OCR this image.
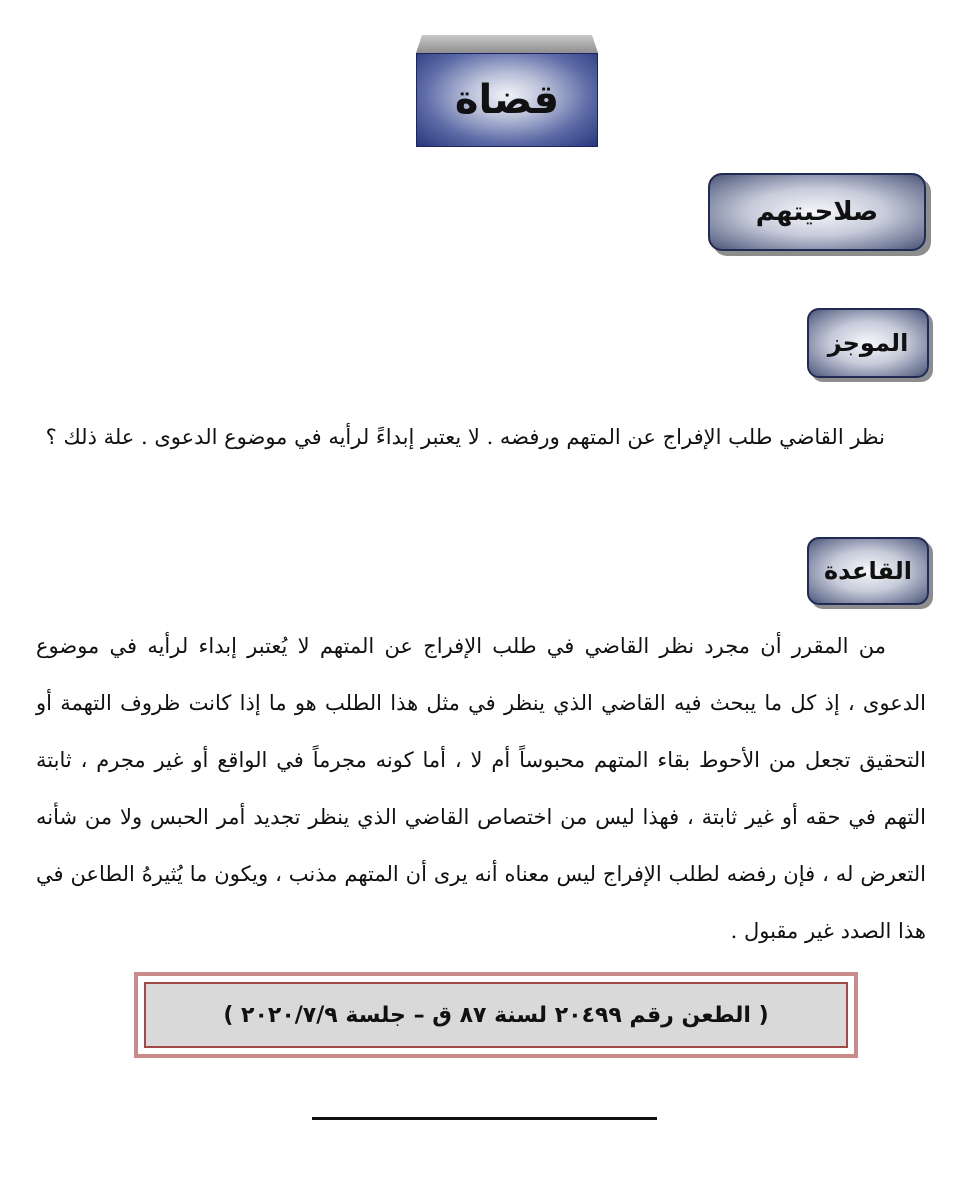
قضاة
صلاحيتهم
الموجز
نظر القاضي طلب الإفراج عن المتهم ورفضه . لا يعتبر إبداءً لرأيه في موضوع الدعوى . علة ذلك ؟
القاعدة
من المقرر أن مجرد نظر القاضي في طلب الإفراج عن المتهم لا يُعتبر إبداء لرأيه في موضوع الدعوى ، إذ كل ما يبحث فيه القاضي الذي ينظر في مثل هذا الطلب هو ما إذا كانت ظروف التهمة أو التحقيق تجعل من الأحوط بقاء المتهم محبوساً أم لا ، أما كونه مجرماً في الواقع أو غير مجرم ، ثابتة التهم في حقه أو غير ثابتة ، فهذا ليس من اختصاص القاضي الذي ينظر تجديد أمر الحبس ولا من شأنه التعرض له ، فإن رفضه لطلب الإفراج ليس معناه أنه يرى أن المتهم مذنب ، ويكون ما يُثيرهُ الطاعن في هذا الصدد غير مقبول .
( الطعن رقم ٢٠٤٩٩ لسنة ٨٧ ق – جلسة ٢٠٢٠/٧/٩ )
